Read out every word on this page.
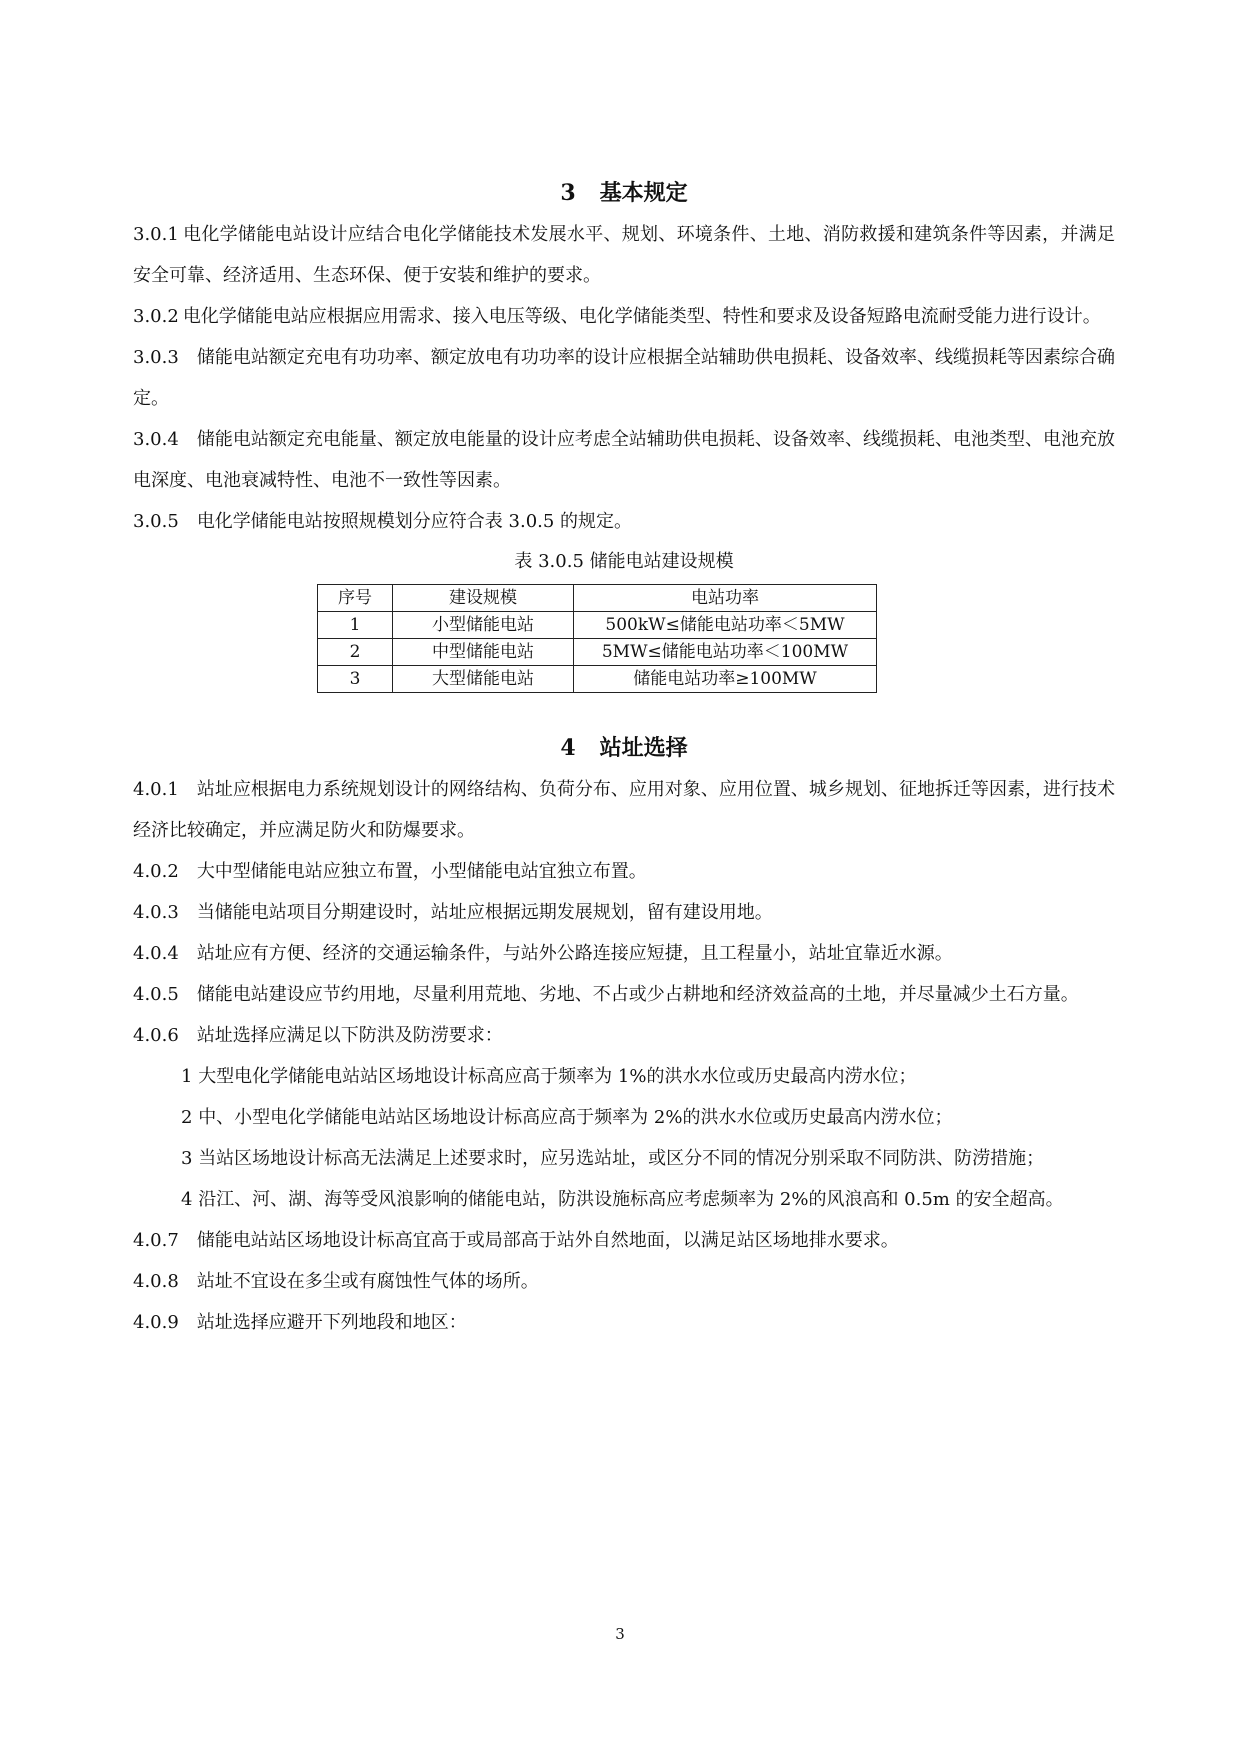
3 基本规定

3.0.1 电化学储能电站设计应结合电化学储能技术发展水平、规划、环境条件、土地、消防救援和建筑条件等因素，并满足安全可靠、经济适用、生态环保、便于安装和维护的要求。

3.0.2 电化学储能电站应根据应用需求、接入电压等级、电化学储能类型、特性和要求及设备短路电流耐受能力进行设计。

3.0.3 储能电站额定充电有功功率、额定放电有功功率的设计应根据全站辅助供电损耗、设备效率、线缆损耗等因素综合确定。

3.0.4 储能电站额定充电能量、额定放电能量的设计应考虑全站辅助供电损耗、设备效率、线缆损耗、电池类型、电池充放电深度、电池衰减特性、电池不一致性等因素。

3.0.5 电化学储能电站按照规模划分应符合表 3.0.5 的规定。

表 3.0.5 储能电站建设规模
序号	建设规模	电站功率
1	小型储能电站	500kW≤储能电站功率＜5MW
2	中型储能电站	5MW≤储能电站功率＜100MW
3	大型储能电站	储能电站功率≥100MW
4 站址选择

4.0.1 站址应根据电力系统规划设计的网络结构、负荷分布、应用对象、应用位置、城乡规划、征地拆迁等因素，进行技术经济比较确定，并应满足防火和防爆要求。

4.0.2 大中型储能电站应独立布置，小型储能电站宜独立布置。

4.0.3 当储能电站项目分期建设时，站址应根据远期发展规划，留有建设用地。

4.0.4 站址应有方便、经济的交通运输条件，与站外公路连接应短捷，且工程量小，站址宜靠近水源。

4.0.5 储能电站建设应节约用地，尽量利用荒地、劣地、不占或少占耕地和经济效益高的土地，并尽量减少土石方量。

4.0.6 站址选择应满足以下防洪及防涝要求：

1 大型电化学储能电站站区场地设计标高应高于频率为 1%的洪水水位或历史最高内涝水位；

2 中、小型电化学储能电站站区场地设计标高应高于频率为 2%的洪水水位或历史最高内涝水位；

3 当站区场地设计标高无法满足上述要求时，应另选站址，或区分不同的情况分别采取不同防洪、防涝措施；

4 沿江、河、湖、海等受风浪影响的储能电站，防洪设施标高应考虑频率为 2%的风浪高和 0.5m 的安全超高。

4.0.7 储能电站站区场地设计标高宜高于或局部高于站外自然地面，以满足站区场地排水要求。

4.0.8 站址不宜设在多尘或有腐蚀性气体的场所。

4.0.9 站址选择应避开下列地段和地区：

3
